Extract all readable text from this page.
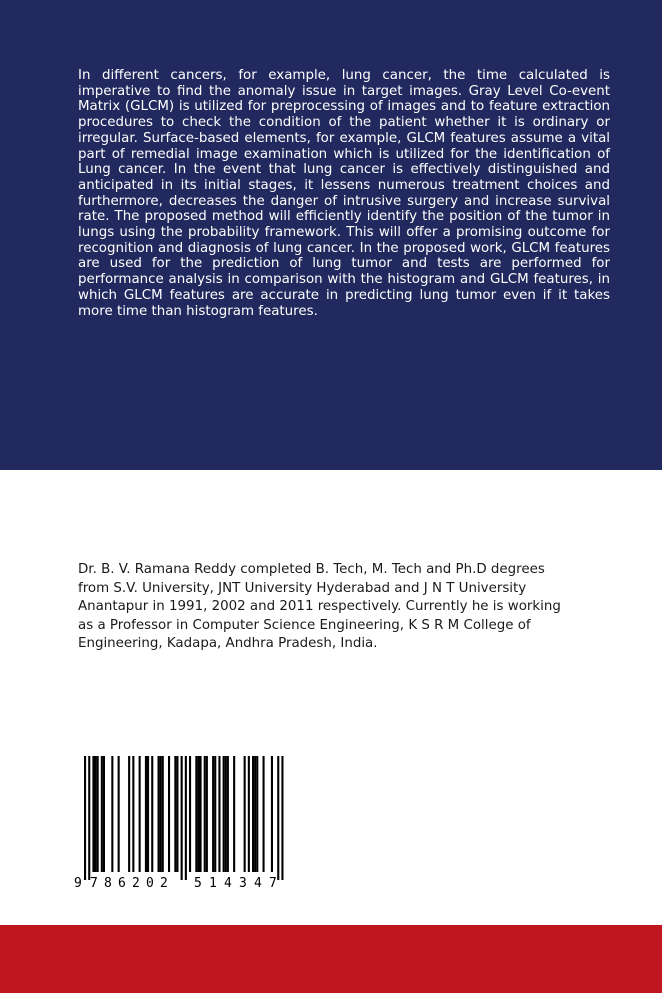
In different cancers, for example, lung cancer, the time calculated is imperative to find the anomaly issue in target images. Gray Level Co-event Matrix (GLCM) is utilized for preprocessing of images and to feature extraction procedures to check the condition of the patient whether it is ordinary or irregular. Surface-based elements, for example, GLCM features assume a vital part of remedial image examination which is utilized for the identification of Lung cancer. In the event that lung cancer is effectively distinguished and anticipated in its initial stages, it lessens numerous treatment choices and furthermore, decreases the danger of intrusive surgery and increase survival rate. The proposed method will efficiently identify the position of the tumor in lungs using the probability framework. This will offer a promising outcome for recognition and diagnosis of lung cancer. In the proposed work, GLCM features are used for the prediction of lung tumor and tests are performed for performance analysis in comparison with the histogram and GLCM features, in which GLCM features are accurate in predicting lung tumor even if it takes more time than histogram features.

Dr. B. V. Ramana Reddy completed B. Tech, M. Tech and Ph.D degrees from S.V. University, JNT University Hyderabad and J N T University Anantapur in 1991, 2002 and 2011 respectively. Currently he is working as a Professor in Computer Science Engineering, K S R M College of Engineering, Kadapa, Andhra Pradesh, India.

9 7 8 6 2 0 2 5 1 4 3 4 7
